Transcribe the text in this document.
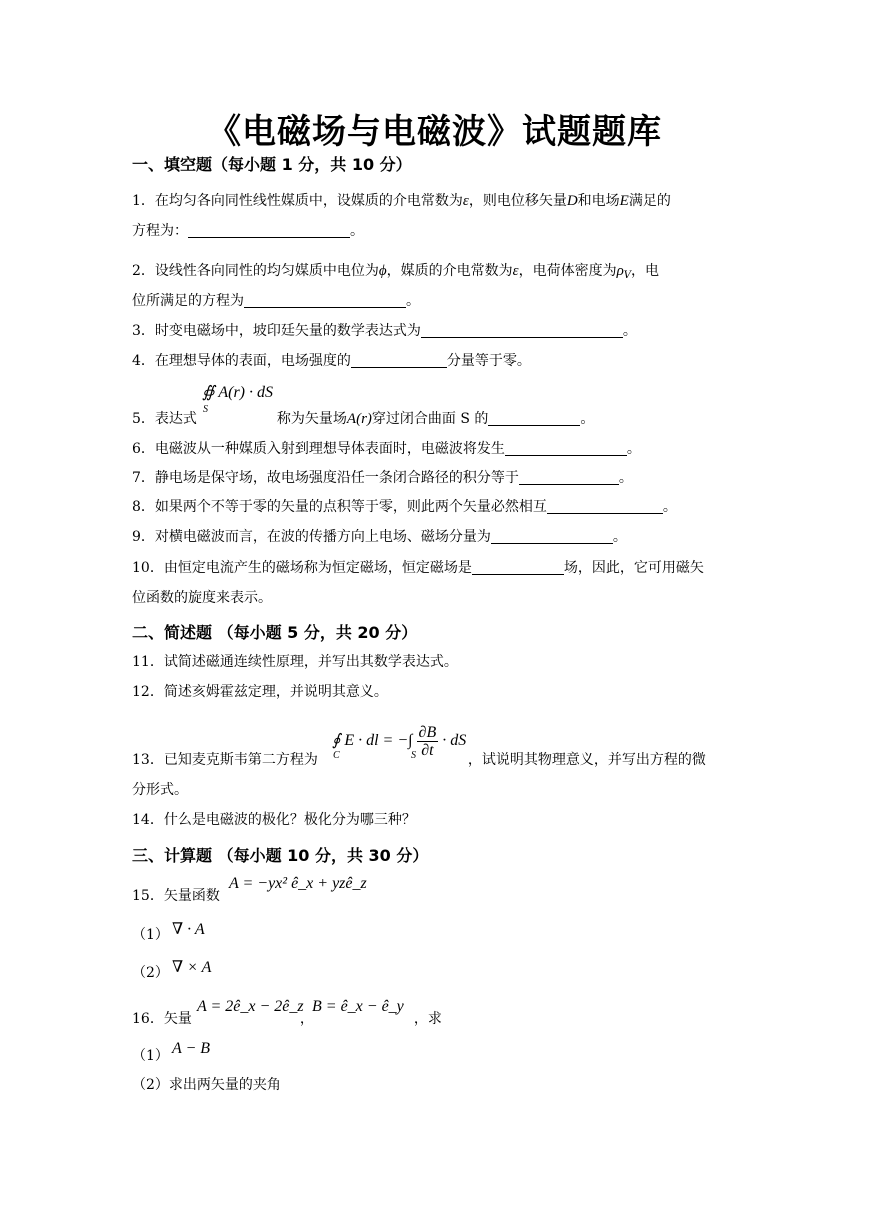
《电磁场与电磁波》试题题库
一、填空题（每小题 1 分，共 10 分）
1．在均匀各向同性线性媒质中，设媒质的介电常数为ε，则电位移矢量D和电场E满足的
方程为：	。
2．设线性各向同性的均匀媒质中电位为ϕ，媒质的介电常数为ε，电荷体密度为$\rho_V$，电
位所满足的方程为	。
3．时变电磁场中，坡印廷矢量的数学表达式为	。
4．在理想导体的表面，电场强度的	分量等于零。
∯ A(r) · dS
S
5．表达式	称为矢量场A(r)穿过闭合曲面 S 的	。
6．电磁波从一种媒质入射到理想导体表面时，电磁波将发生	。
7．静电场是保守场，故电场强度沿任一条闭合路径的积分等于	。
8．如果两个不等于零的矢量的点积等于零，则此两个矢量必然相互	。
9．对横电磁波而言，在波的传播方向上电场、磁场分量为	。
10．由恒定电流产生的磁场称为恒定磁场，恒定磁场是	场，因此，它可用磁矢
位函数的旋度来表示。
二、简述题 （每小题 5 分，共 20 分）
11．试简述磁通连续性原理，并写出其数学表达式。
12．简述亥姆霍兹定理，并说明其意义。
∮ E · dl = −∫ $\frac{\partial B}{\partial t}$ · dS
C	S
13．已知麦克斯韦第二方程为	，试说明其物理意义，并写出方程的微
分形式。
14．什么是电磁波的极化？极化分为哪三种？
三、计算题 （每小题 10 分，共 30 分）
15．矢量函数
A = −yx² ê_x + yzê_z
（1） ∇ · A
（2） ∇ × A
16．矢量	，	，求
A = 2ê_x − 2ê_z B = ê_x − ê_y
（1） A − B
（2）求出两矢量的夹角
